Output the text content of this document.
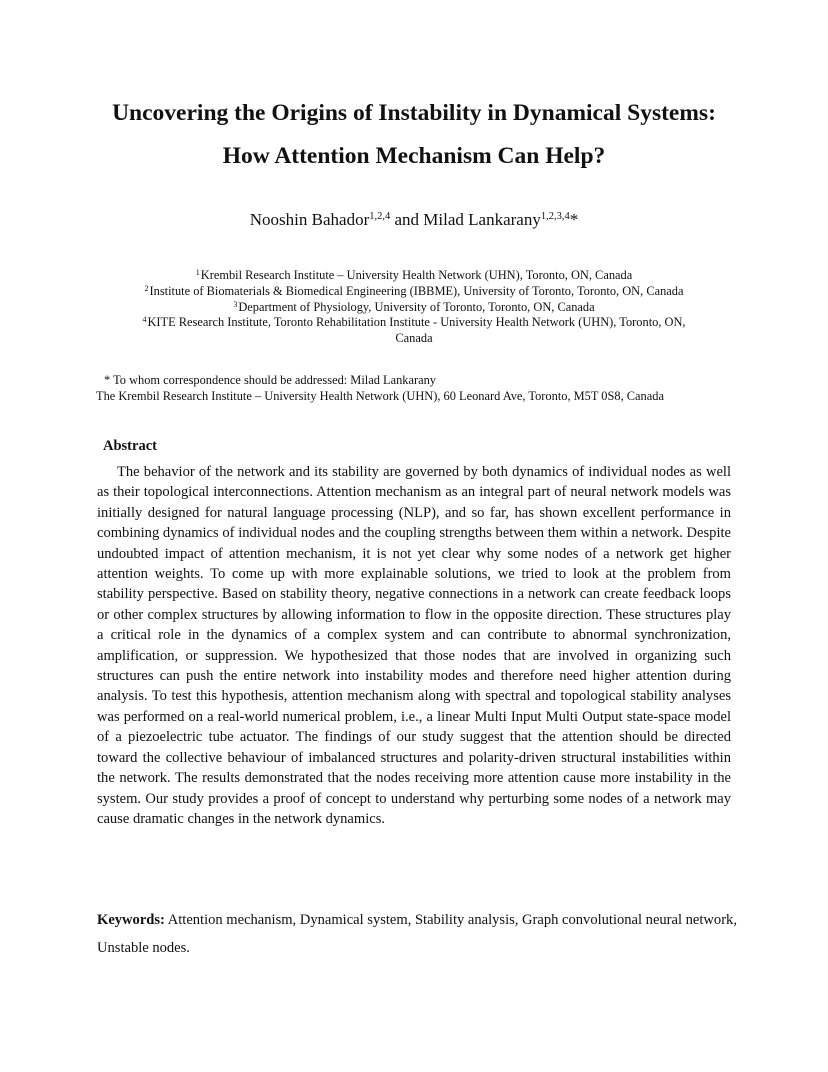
Uncovering the Origins of Instability in Dynamical Systems:
How Attention Mechanism Can Help?
Nooshin Bahador$^{1,2,4}$ and Milad Lankarany$^{1,2,3,4}$*
$^1$Krembil Research Institute – University Health Network (UHN), Toronto, ON, Canada
$^2$Institute of Biomaterials & Biomedical Engineering (IBBME), University of Toronto, Toronto, ON, Canada
$^3$Department of Physiology, University of Toronto, Toronto, ON, Canada
$^4$KITE Research Institute, Toronto Rehabilitation Institute - University Health Network (UHN), Toronto, ON,
Canada
* To whom correspondence should be addressed: Milad Lankarany
The Krembil Research Institute – University Health Network (UHN), 60 Leonard Ave, Toronto, M5T 0S8, Canada
Abstract

The behavior of the network and its stability are governed by both dynamics of individual nodes as well as their topological interconnections. Attention mechanism as an integral part of neural network models was initially designed for natural language processing (NLP), and so far, has shown excellent performance in combining dynamics of individual nodes and the coupling strengths between them within a network. Despite undoubted impact of attention mechanism, it is not yet clear why some nodes of a network get higher attention weights. To come up with more explainable solutions, we tried to look at the problem from stability perspective. Based on stability theory, negative connections in a network can create feedback loops or other complex structures by allowing information to flow in the opposite direction. These structures play a critical role in the dynamics of a complex system and can contribute to abnormal synchronization, amplification, or suppression. We hypothesized that those nodes that are involved in organizing such structures can push the entire network into instability modes and therefore need higher attention during analysis. To test this hypothesis, attention mechanism along with spectral and topological stability analyses was performed on a real-world numerical problem, i.e., a linear Multi Input Multi Output state-space model of a piezoelectric tube actuator. The findings of our study suggest that the attention should be directed toward the collective behaviour of imbalanced structures and polarity-driven structural instabilities within the network. The results demonstrated that the nodes receiving more attention cause more instability in the system. Our study provides a proof of concept to understand why perturbing some nodes of a network may cause dramatic changes in the network dynamics.

Keywords: Attention mechanism, Dynamical system, Stability analysis, Graph convolutional neural network, Unstable nodes.
